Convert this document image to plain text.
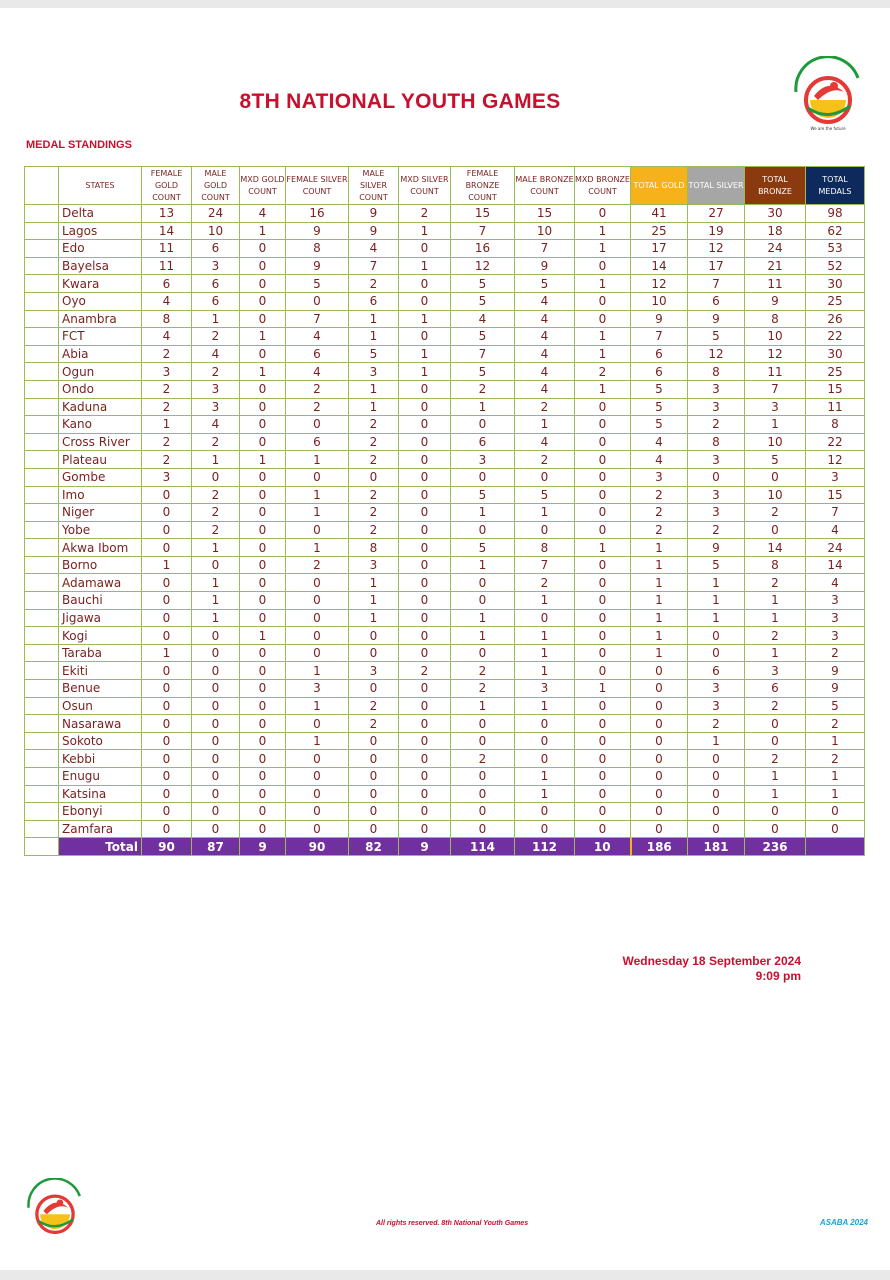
We are the future
8TH NATIONAL YOUTH GAMES
MEDAL STANDINGS
	STATES	FEMALE GOLD COUNT	MALE GOLD COUNT	MXD GOLD COUNT	FEMALE SILVER COUNT	MALE SILVER COUNT	MXD SILVER COUNT	FEMALE BRONZE COUNT	MALE BRONZE COUNT	MXD BRONZE COUNT	TOTAL GOLD	TOTAL SILVER	TOTAL BRONZE	TOTAL MEDALS
	Delta	13	24	4	16	9	2	15	15	0	41	27	30	98
	Lagos	14	10	1	9	9	1	7	10	1	25	19	18	62
	Edo	11	6	0	8	4	0	16	7	1	17	12	24	53
	Bayelsa	11	3	0	9	7	1	12	9	0	14	17	21	52
	Kwara	6	6	0	5	2	0	5	5	1	12	7	11	30
	Oyo	4	6	0	0	6	0	5	4	0	10	6	9	25
	Anambra	8	1	0	7	1	1	4	4	0	9	9	8	26
	FCT	4	2	1	4	1	0	5	4	1	7	5	10	22
	Abia	2	4	0	6	5	1	7	4	1	6	12	12	30
	Ogun	3	2	1	4	3	1	5	4	2	6	8	11	25
	Ondo	2	3	0	2	1	0	2	4	1	5	3	7	15
	Kaduna	2	3	0	2	1	0	1	2	0	5	3	3	11
	Kano	1	4	0	0	2	0	0	1	0	5	2	1	8
	Cross River	2	2	0	6	2	0	6	4	0	4	8	10	22
	Plateau	2	1	1	1	2	0	3	2	0	4	3	5	12
	Gombe	3	0	0	0	0	0	0	0	0	3	0	0	3
	Imo	0	2	0	1	2	0	5	5	0	2	3	10	15
	Niger	0	2	0	1	2	0	1	1	0	2	3	2	7
	Yobe	0	2	0	0	2	0	0	0	0	2	2	0	4
	Akwa Ibom	0	1	0	1	8	0	5	8	1	1	9	14	24
	Borno	1	0	0	2	3	0	1	7	0	1	5	8	14
	Adamawa	0	1	0	0	1	0	0	2	0	1	1	2	4
	Bauchi	0	1	0	0	1	0	0	1	0	1	1	1	3
	Jigawa	0	1	0	0	1	0	1	0	0	1	1	1	3
	Kogi	0	0	1	0	0	0	1	1	0	1	0	2	3
	Taraba	1	0	0	0	0	0	0	1	0	1	0	1	2
	Ekiti	0	0	0	1	3	2	2	1	0	0	6	3	9
	Benue	0	0	0	3	0	0	2	3	1	0	3	6	9
	Osun	0	0	0	1	2	0	1	1	0	0	3	2	5
	Nasarawa	0	0	0	0	2	0	0	0	0	0	2	0	2
	Sokoto	0	0	0	1	0	0	0	0	0	0	1	0	1
	Kebbi	0	0	0	0	0	0	2	0	0	0	0	2	2
	Enugu	0	0	0	0	0	0	0	1	0	0	0	1	1
	Katsina	0	0	0	0	0	0	0	1	0	0	0	1	1
	Ebonyi	0	0	0	0	0	0	0	0	0	0	0	0	0
	Zamfara	0	0	0	0	0	0	0	0	0	0	0	0	0
	Total	90	87	9	90	82	9	114	112	10	186	181	236	
Wednesday 18 September 2024
9:09 pm
All rights reserved. 8th National Youth Games	ASABA 2024
